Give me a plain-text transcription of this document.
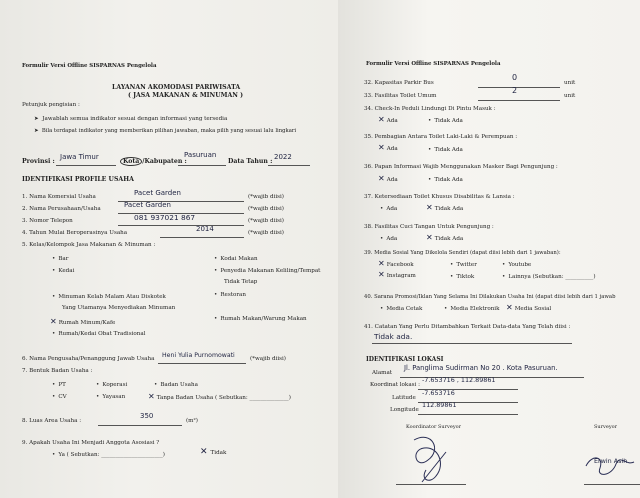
Formulir Versi Offline SISPARNAS Pengelola
LAYANAN AKOMODASI PARIWISATA
( JASA MAKANAN & MINUMAN )
Petunjuk pengisian :
➤  Jawablah semua indikator sesuai dengan informasi yang tersedia
➤  Bila terdapat indikator yang memberikan pilihan jawaban, maka pilih yang sesuai lalu lingkari
Provinsi :
Jawa Timur
Kota /Kabupaten :
Pasuruan
Data Tahun :
2022
IDENTIFIKASI PROFILE USAHA
1. Nama Komersial Usaha	Pacet Garden	(*wajib diisi)
2. Nama Perusahaan/Usaha	Pacet Garden	(*wajib diisi)
3. Nomor Telepon	081 937021 867	(*wajib diisi)
4. Tahun Mulai Beroperasinya Usaha	2014	(*wajib diisi)
5. Kelas/Kelompok Jasa Makanan & Minuman :
• Bar
• Kedai
• Kodai Makan
• Penyedia Makanan Keliling/Tempat
Tidak Tetap
• Restoran
• Minuman Kelab Malam Atau Diskotek
Yang Utamanya Menyediakan Minuman
✕ Rumah Minum/Kafe
• Rumah Makan/Warung Makan
• Rumah/Kedai Obat Tradisional
6. Nama Pengusaha/Penanggung Jawab Usaha Heni Yulia Purnomowati	(*wajib diisi)
7. Bentuk Badan Usaha :
• PT	• Koperasi	• Badan Usaha
• CV	• Yayasan	✕ Tanpa Badan Usaha ( Sebutkan: ______________)
8. Luas Area Usaha :
350
(m²)
9. Apakah Usaha Ini Menjadi Anggota Asosiasi ?
• Ya ( Sebutkan: ______________________)	✕ Tidak
Formulir Versi Offline SISPARNAS Pengelola
32. Kapasitas Parkir Bus
0
unit
33. Fasilitas Toilet Umum
2
unit
34. Check-In Peduli Lindungi Di Pintu Masuk :
✕ Ada	• Tidak Ada
35. Pembagian Antara Toilet Laki-Laki & Perempuan :
✕ Ada	• Tidak Ada
36. Papan Informasi Wajib Menggunakan Masker Bagi Pengunjung :
✕ Ada	• Tidak Ada
37. Ketersediaan Toilet Khusus Disabilitas & Lansia :
• Ada	✕ Tidak Ada
38. Fasilitas Cuci Tangan Untuk Pengunjung :
• Ada	✕ Tidak Ada
39. Media Sosial Yang Dikelola Sendiri (dapat diisi lebih dari 1 jawaban):
✕ Facebook	• Twitter	• Youtube
✕ Instagram	• Tiktok •	Lainnya (Sebutkan: __________)
40. Sarana Promosi/Iklan Yang Selama Ini Dilakukan Usaha Ini (dapat diisi lebih dari 1 jawab
• Media Cetak	• Media Elektronik ✕ Media Sosial
41. Catatan Yang Perlu Ditambahkan Terkait Data-data Yang Telah diisi :
Tidak ada.
IDENTIFIKASI LOKASI
Alamat
Jl. Panglima Sudirman No 20 . Kota Pasuruan.
Koordinat lokasi :
-7.653716 , 112.89861
Latitude
-7.653716
Longitude
112.89861
Koordinator Surveyor	Surveyor
Erwin Asih
